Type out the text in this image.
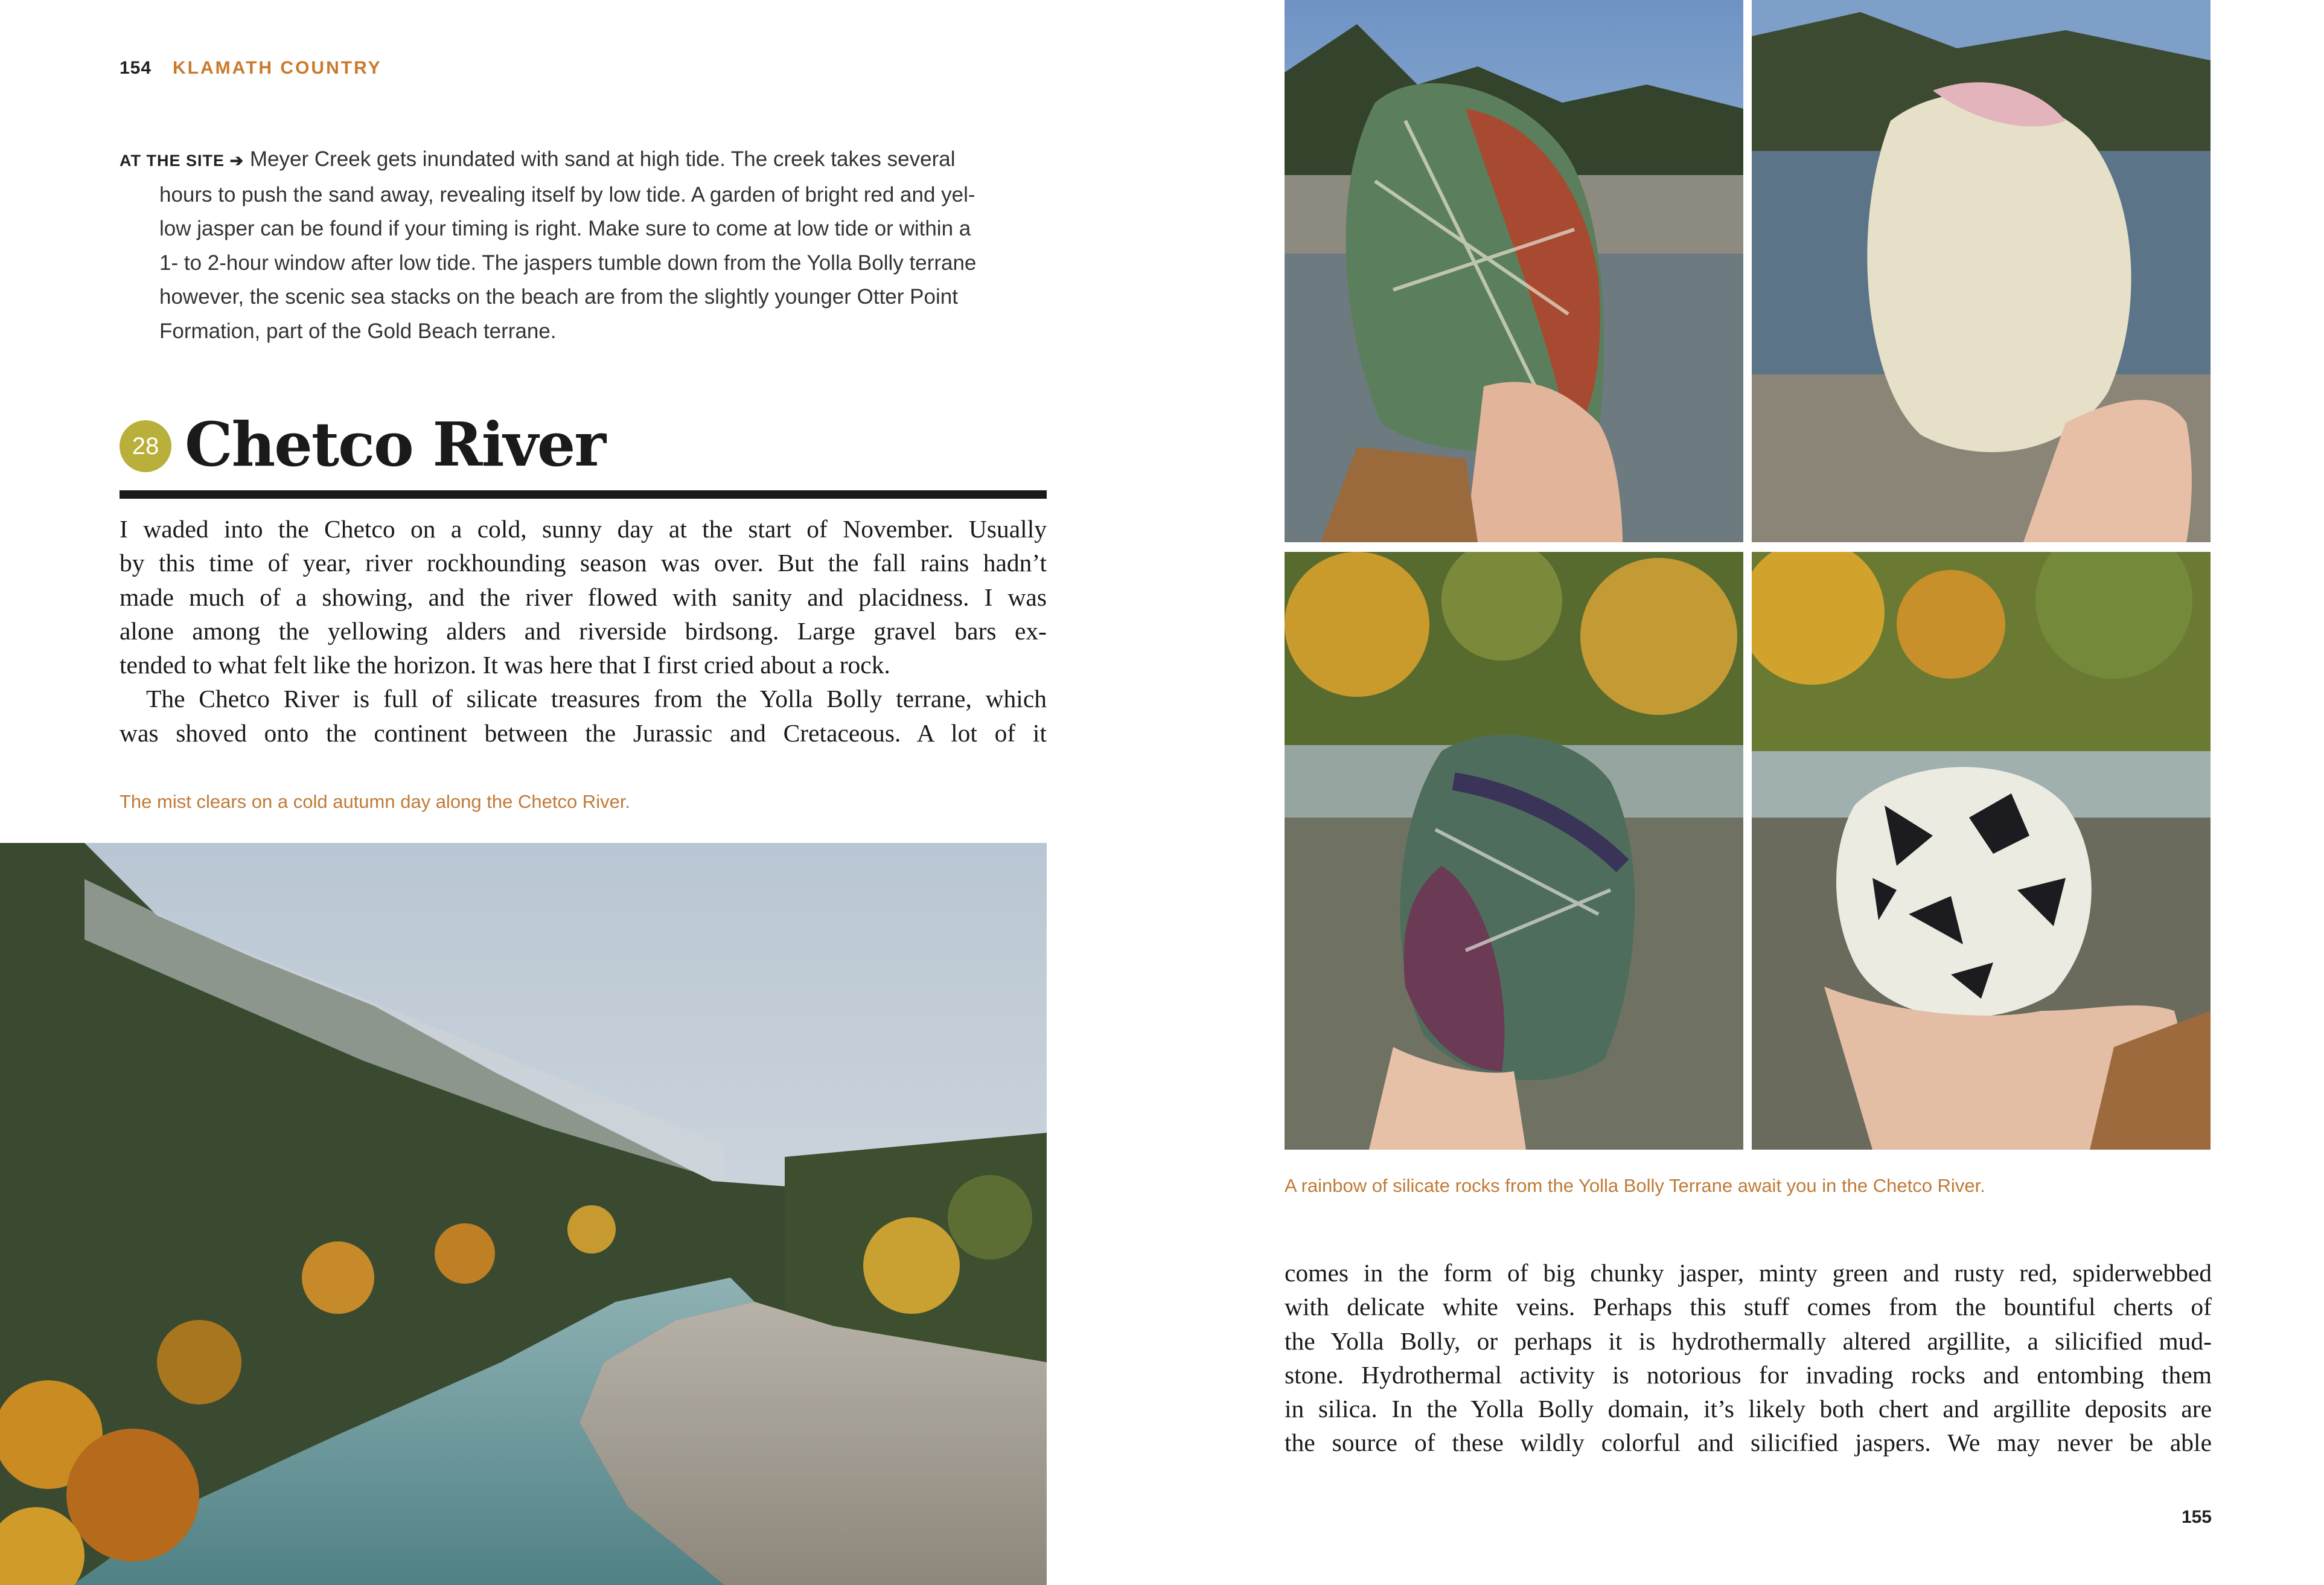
154 KLAMATH COUNTRY
AT THE SITE ➔ Meyer Creek gets inundated with sand at high tide. The creek takes several
hours to push the sand away, revealing itself by low tide. A garden of bright red and yel-
low jasper can be found if your timing is right. Make sure to come at low tide or within a
1- to 2-hour window after low tide. The jaspers tumble down from the Yolla Bolly terrane
however, the scenic sea stacks on the beach are from the slightly younger Otter Point
Formation, part of the Gold Beach terrane.
28 Chetco River
I waded into the Chetco on a cold, sunny day at the start of November. Usually
by this time of year, river rockhounding season was over. But the fall rains hadn’t
made much of a showing, and the river flowed with sanity and placidness. I was
alone among the yellowing alders and riverside birdsong. Large gravel bars ex-
tended to what felt like the horizon. It was here that I first cried about a rock.
The Chetco River is full of silicate treasures from the Yolla Bolly terrane, which
was shoved onto the continent between the Jurassic and Cretaceous. A lot of it
The mist clears on a cold autumn day along the Chetco River.
A rainbow of silicate rocks from the Yolla Bolly Terrane await you in the Chetco River.
comes in the form of big chunky jasper, minty green and rusty red, spiderwebbed
with delicate white veins. Perhaps this stuff comes from the bountiful cherts of
the Yolla Bolly, or perhaps it is hydrothermally altered argillite, a silicified mud-
stone. Hydrothermal activity is notorious for invading rocks and entombing them
in silica. In the Yolla Bolly domain, it’s likely both chert and argillite deposits are
the source of these wildly colorful and silicified jaspers. We may never be able
155
